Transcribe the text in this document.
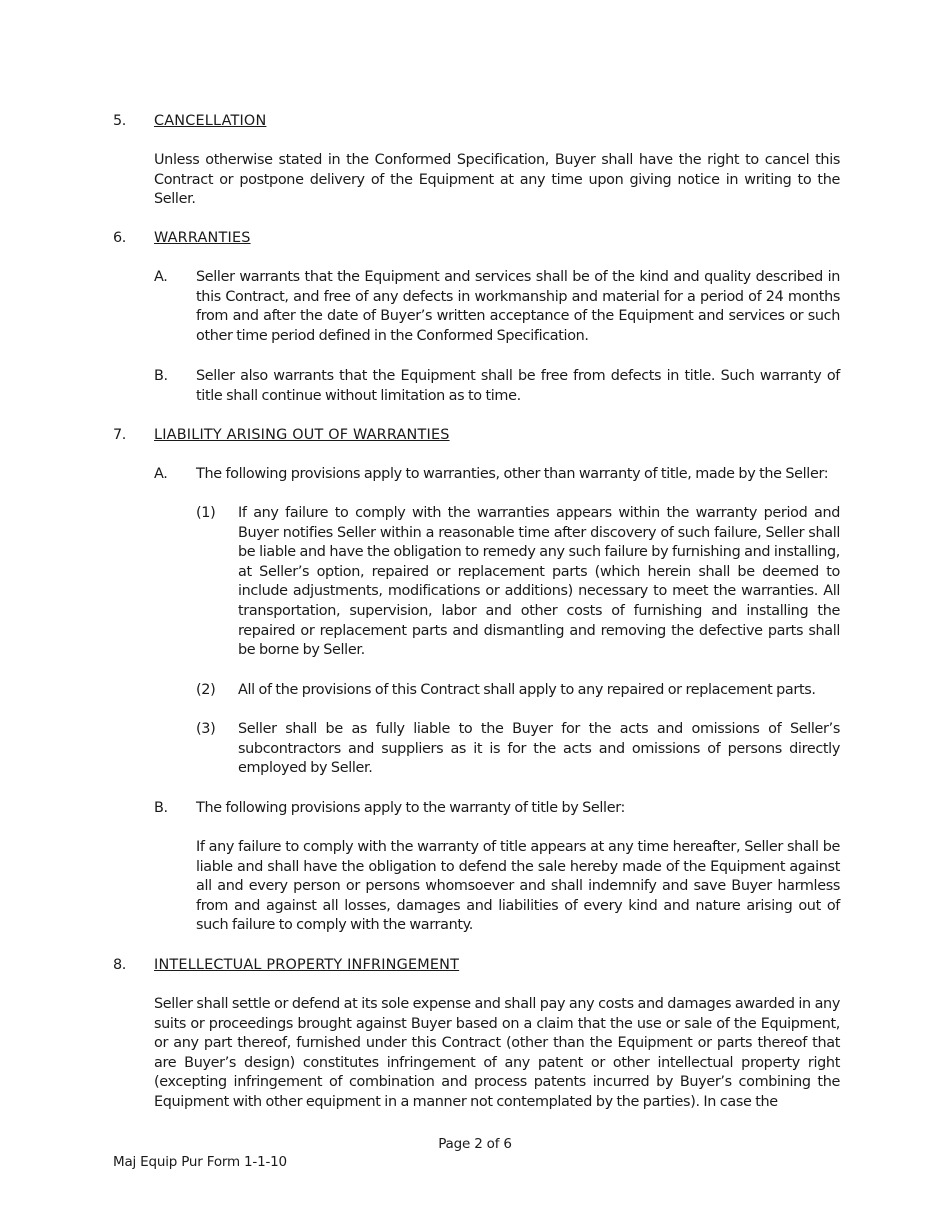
5. CANCELLATION
Unless otherwise stated in the Conformed Specification, Buyer shall have the right to cancel this Contract or postpone delivery of the Equipment at any time upon giving notice in writing to the Seller.
6. WARRANTIES
A. Seller warrants that the Equipment and services shall be of the kind and quality described in this Contract, and free of any defects in workmanship and material for a period of 24 months from and after the date of Buyer’s written acceptance of the Equipment and services or such other time period defined in the Conformed Specification.
B. Seller also warrants that the Equipment shall be free from defects in title. Such warranty of title shall continue without limitation as to time.
7. LIABILITY ARISING OUT OF WARRANTIES
A. The following provisions apply to warranties, other than warranty of title, made by the Seller:
(1) If any failure to comply with the warranties appears within the warranty period and Buyer notifies Seller within a reasonable time after discovery of such failure, Seller shall be liable and have the obligation to remedy any such failure by furnishing and installing, at Seller’s option, repaired or replacement parts (which herein shall be deemed to include adjustments, modifications or additions) necessary to meet the warranties. All transportation, supervision, labor and other costs of furnishing and installing the repaired or replacement parts and dismantling and removing the defective parts shall be borne by Seller.
(2) All of the provisions of this Contract shall apply to any repaired or replacement parts.
(3) Seller shall be as fully liable to the Buyer for the acts and omissions of Seller’s subcontractors and suppliers as it is for the acts and omissions of persons directly employed by Seller.
B. The following provisions apply to the warranty of title by Seller:
If any failure to comply with the warranty of title appears at any time hereafter, Seller shall be liable and shall have the obligation to defend the sale hereby made of the Equipment against all and every person or persons whomsoever and shall indemnify and save Buyer harmless from and against all losses, damages and liabilities of every kind and nature arising out of such failure to comply with the warranty.
8. INTELLECTUAL PROPERTY INFRINGEMENT
Seller shall settle or defend at its sole expense and shall pay any costs and damages awarded in any suits or proceedings brought against Buyer based on a claim that the use or sale of the Equipment, or any part thereof, furnished under this Contract (other than the Equipment or parts thereof that are Buyer’s design) constitutes infringement of any patent or other intellectual property right (excepting infringement of combination and process patents incurred by Buyer’s combining the Equipment with other equipment in a manner not contemplated by the parties). In case the
Page 2 of 6
Maj Equip Pur Form 1-1-10
